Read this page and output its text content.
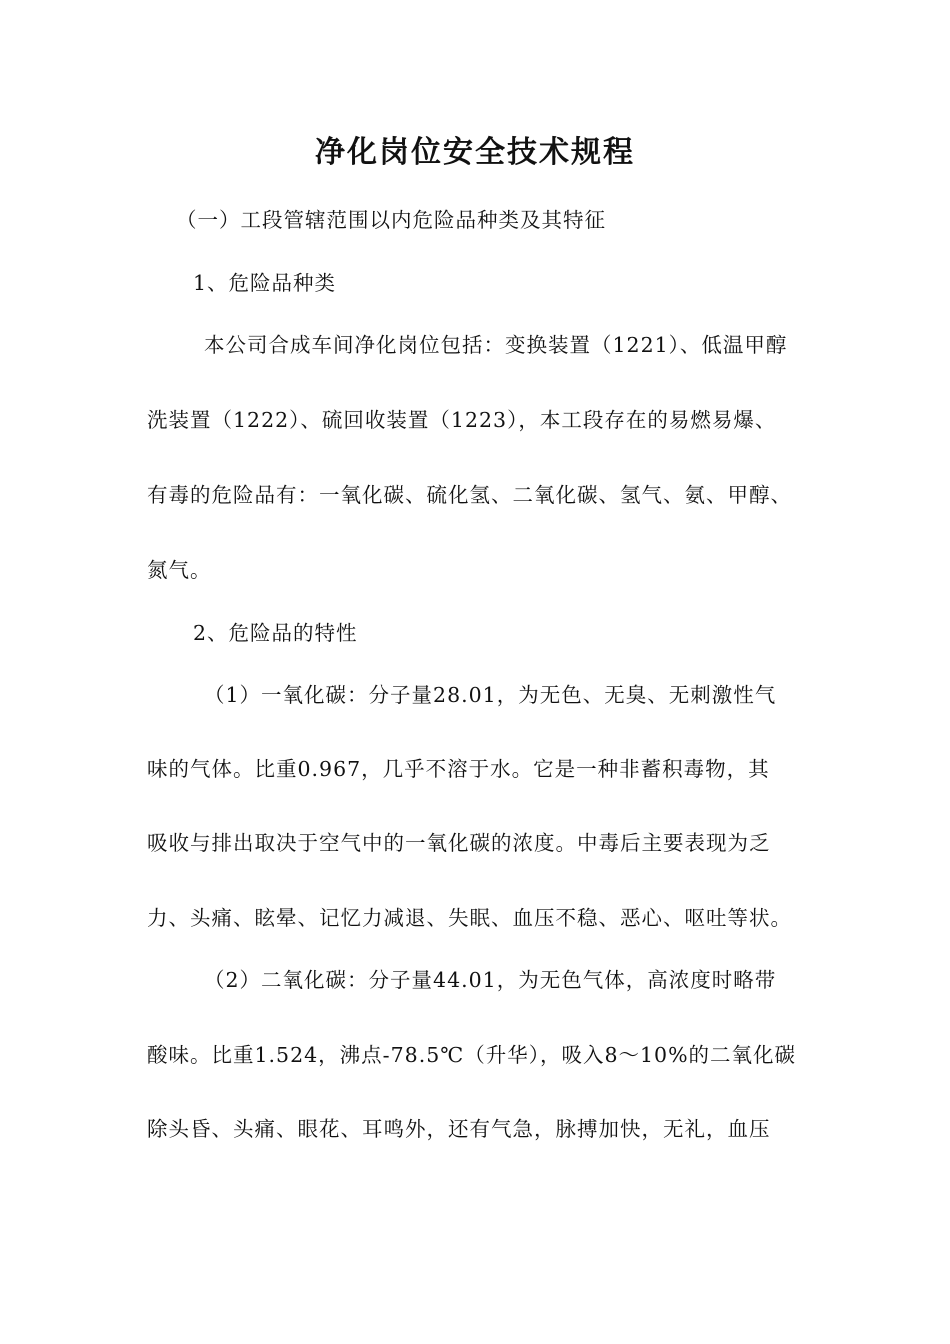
净化岗位安全技术规程
（一）工段管辖范围以内危险品种类及其特征
1、危险品种类
本公司合成车间净化岗位包括：变换装置（1221）、低温甲醇
洗装置（1222）、硫回收装置（1223），本工段存在的易燃易爆、
有毒的危险品有：一氧化碳、硫化氢、二氧化碳、氢气、氨、甲醇、
氮气。
2、危险品的特性
（1）一氧化碳：分子量28.01，为无色、无臭、无刺激性气
味的气体。比重0.967，几乎不溶于水。它是一种非蓄积毒物，其
吸收与排出取决于空气中的一氧化碳的浓度。中毒后主要表现为乏
力、头痛、眩晕、记忆力减退、失眠、血压不稳、恶心、呕吐等状。
（2）二氧化碳：分子量44.01，为无色气体，高浓度时略带
酸味。比重1.524，沸点-78.5℃（升华），吸入8～10%的二氧化碳
除头昏、头痛、眼花、耳鸣外，还有气急，脉搏加快，无礼，血压
